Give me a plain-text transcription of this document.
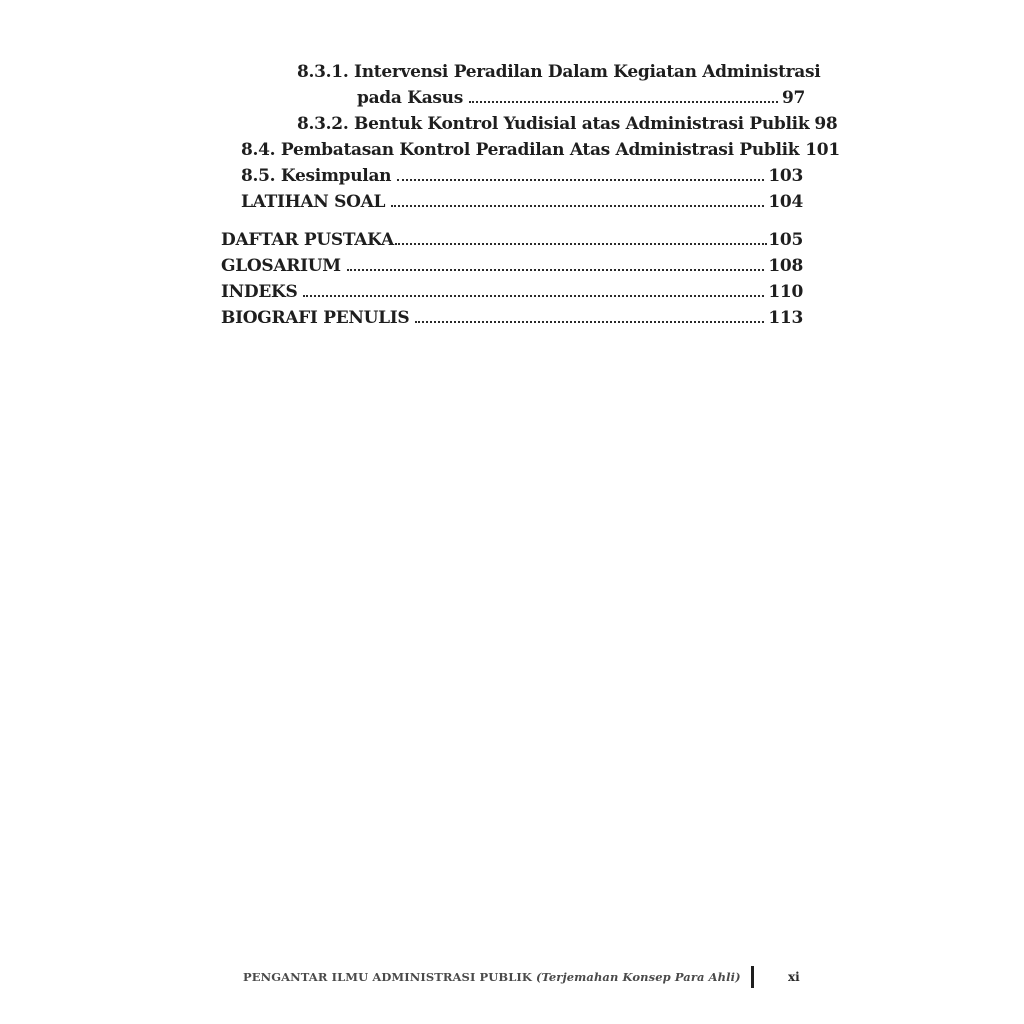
8.3.1. Intervensi Peradilan Dalam Kegiatan Administrasi
pada Kasus	97
8.3.2. Bentuk Kontrol Yudisial atas Administrasi Publik 98
8.4. Pembatasan Kontrol Peradilan Atas Administrasi Publik 101
8.5. Kesimpulan	103
LATIHAN SOAL	104
DAFTAR PUSTAKA	105
GLOSARIUM	108
INDEKS	110
BIOGRAFI PENULIS	113
PENGANTAR ILMU ADMINISTRASI PUBLIK (Terjemahan Konsep Para Ahli)	xi
